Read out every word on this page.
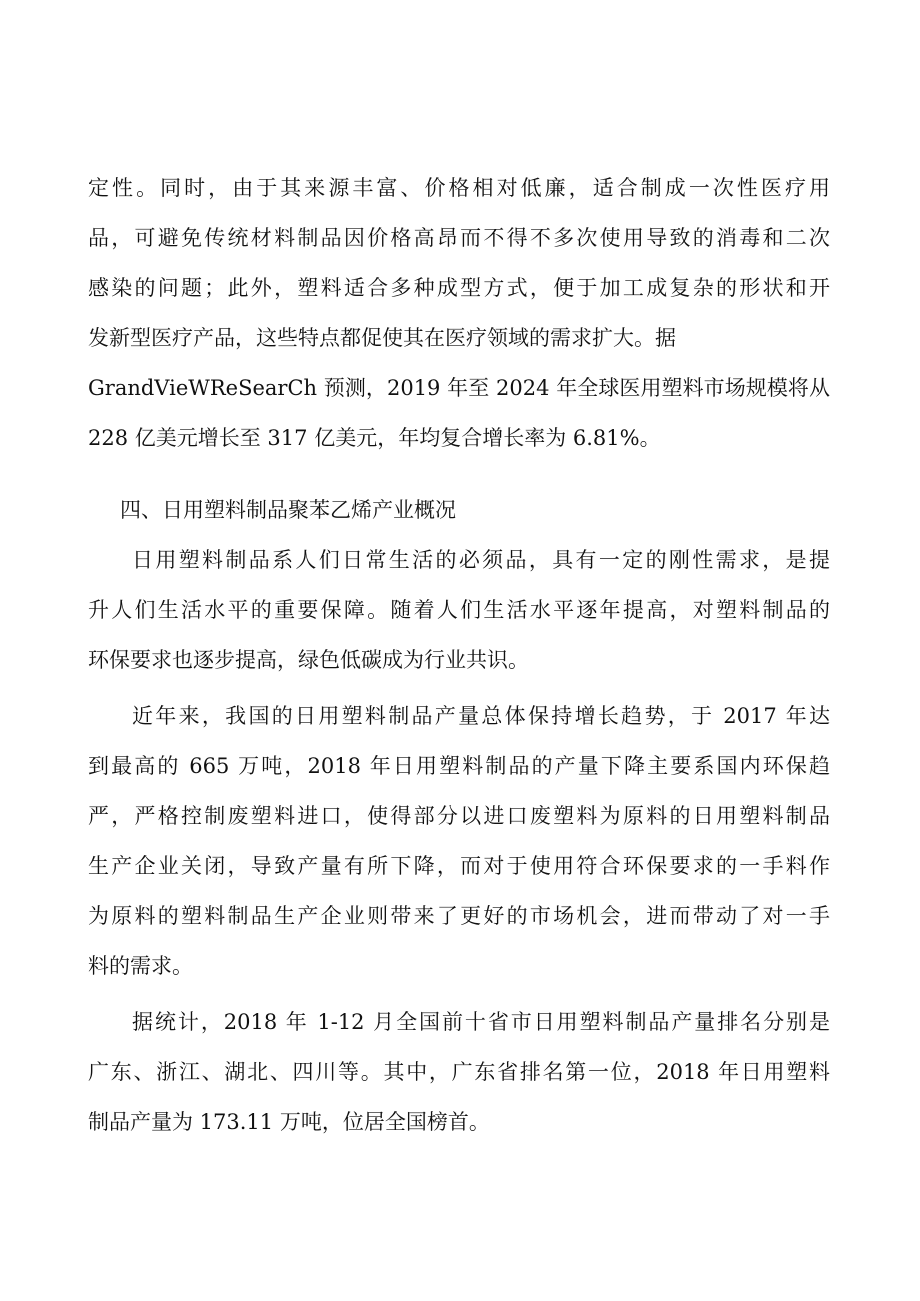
定性。同时，由于其来源丰富、价格相对低廉，适合制成一次性医疗用
品，可避免传统材料制品因价格高昂而不得不多次使用导致的消毒和二次
感染的问题；此外，塑料适合多种成型方式，便于加工成复杂的形状和开
发新型医疗产品，这些特点都促使其在医疗领域的需求扩大。据
GrandVieWReSearCh 预测，2019 年至 2024 年全球医用塑料市场规模将从
228 亿美元增长至 317 亿美元，年均复合增长率为 6.81%。
四、日用塑料制品聚苯乙烯产业概况
日用塑料制品系人们日常生活的必须品，具有一定的刚性需求，是提
升人们生活水平的重要保障。随着人们生活水平逐年提高，对塑料制品的
环保要求也逐步提高，绿色低碳成为行业共识。
近年来，我国的日用塑料制品产量总体保持增长趋势，于 2017 年达
到最高的 665 万吨，2018 年日用塑料制品的产量下降主要系国内环保趋
严，严格控制废塑料进口，使得部分以进口废塑料为原料的日用塑料制品
生产企业关闭，导致产量有所下降，而对于使用符合环保要求的一手料作
为原料的塑料制品生产企业则带来了更好的市场机会，进而带动了对一手
料的需求。
据统计，2018 年 1-12 月全国前十省市日用塑料制品产量排名分别是
广东、浙江、湖北、四川等。其中，广东省排名第一位，2018 年日用塑料
制品产量为 173.11 万吨，位居全国榜首。
